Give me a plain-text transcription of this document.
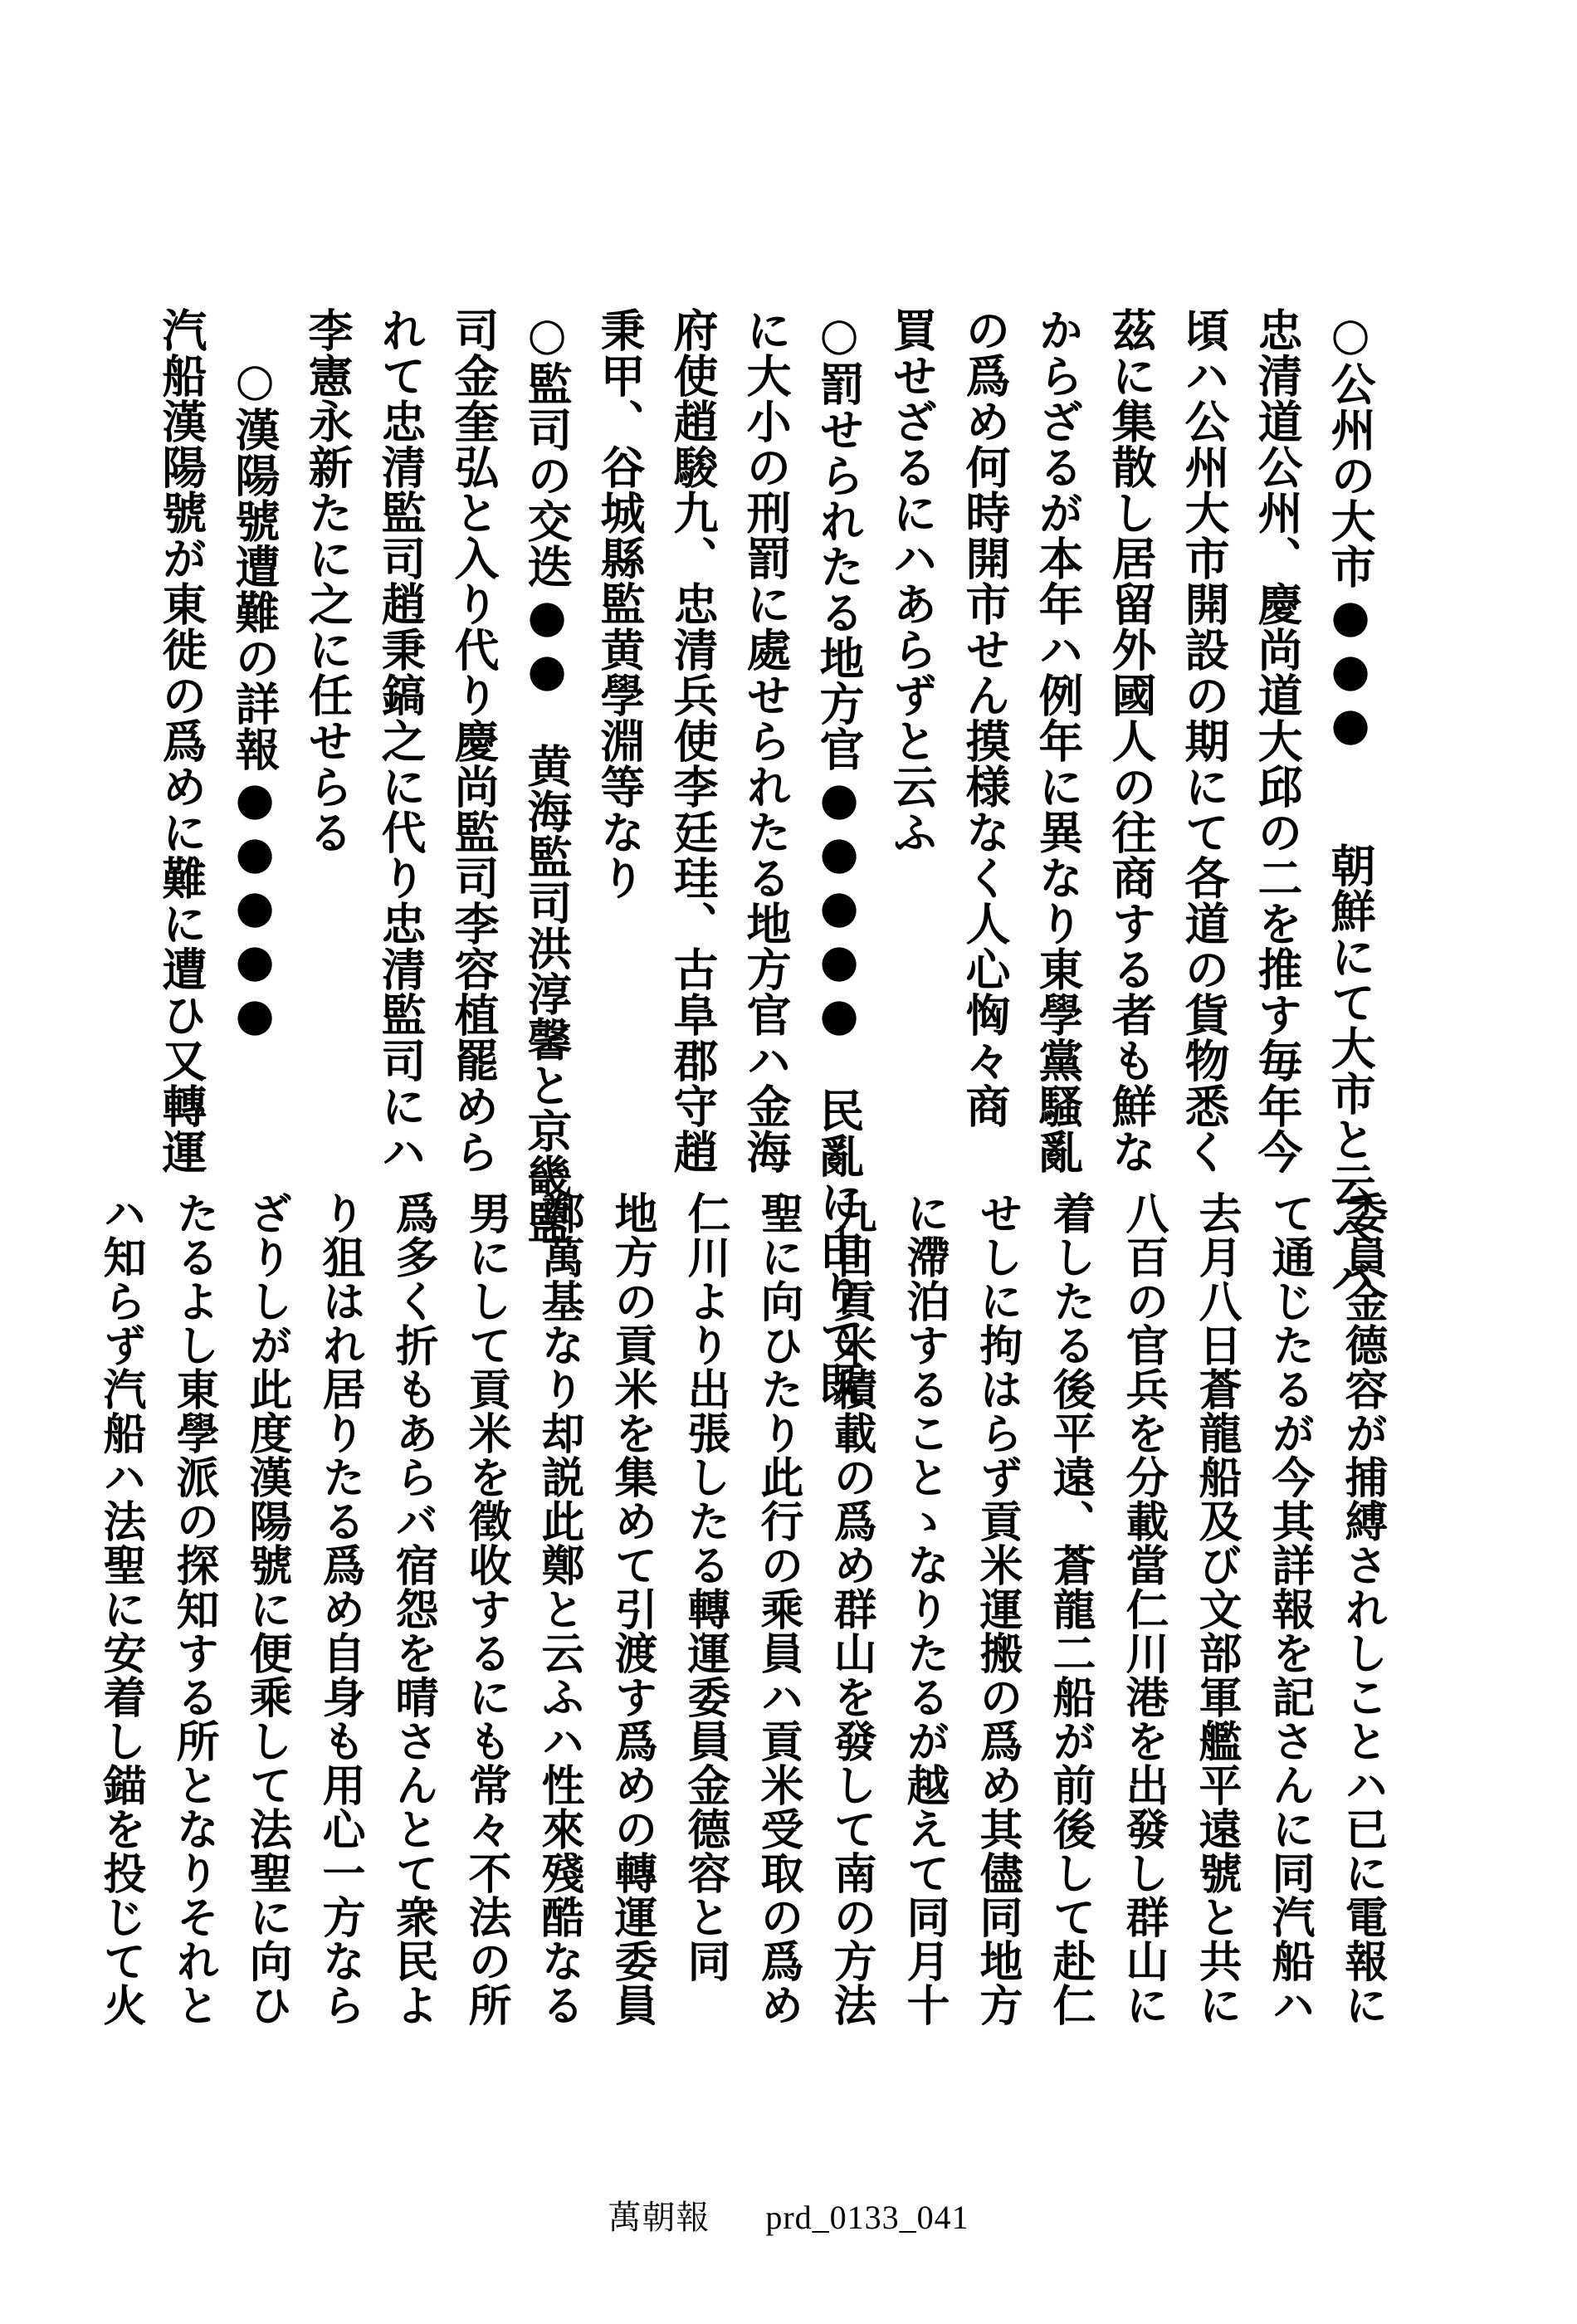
○公州の大市●●●　　朝鮮にて大市と云へバ
忠清道公州、慶尚道大邱の二を推す毎年今
頃ハ公州大市開設の期にて各道の貨物悉く
茲に集散し居留外國人の往商する者も鮮な
からざるが本年ハ例年に異なり東學黨騷亂
の爲め何時開市せん摸様なく人心恟々商
買せざるにハあらずと云ふ
○罰せられたる地方官●●●●●　民亂に由りて既
に大小の刑罰に處せられたる地方官ハ金海
府使趙駿九、忠清兵使李廷珪、古阜郡守趙
秉甲、谷城縣監黄學淵等なり
○監司の交迭●●　黄海監司洪淳馨と京畿監
司金奎弘と入り代り慶尚監司李容植罷めら
れて忠清監司趙秉鎬之に代り忠清監司にハ
李憲永新たに之に任せらる
　○漢陽號遭難の詳報●●●●●
汽船漢陽號が東徙の爲めに難に遭ひ又轉運
委員金德容が捕縛されしことハ已に電報に
て通じたるが今其詳報を記さんに同汽船ハ
去月八日蒼龍船及び文部軍艦平遠號と共に
八百の官兵を分載當仁川港を出發し群山に
着したる後平遠、蒼龍二船が前後して赴仁
せしに拘はらず貢米運搬の爲め其儘同地方
に滯泊することゝなりたるが越えて同月十
九日貢米積載の爲め群山を發して南の方法
聖に向ひたり此行の乘員ハ貢米受取の爲め
仁川より出張したる轉運委員金德容と同
地方の貢米を集めて引渡す爲めの轉運委員
鄭萬基なり却説此鄭と云ふハ性來殘酷なる
男にして貢米を徵收するにも常々不法の所
爲多く折もあらバ宿怨を晴さんとて衆民よ
り狙はれ居りたる爲め自身も用心一方なら
ざりしが此度漢陽號に便乘して法聖に向ひ
たるよし東學派の探知する所となりそれと
ハ知らず汽船ハ法聖に安着し錨を投じて火
萬朝報 prd_0133_041
